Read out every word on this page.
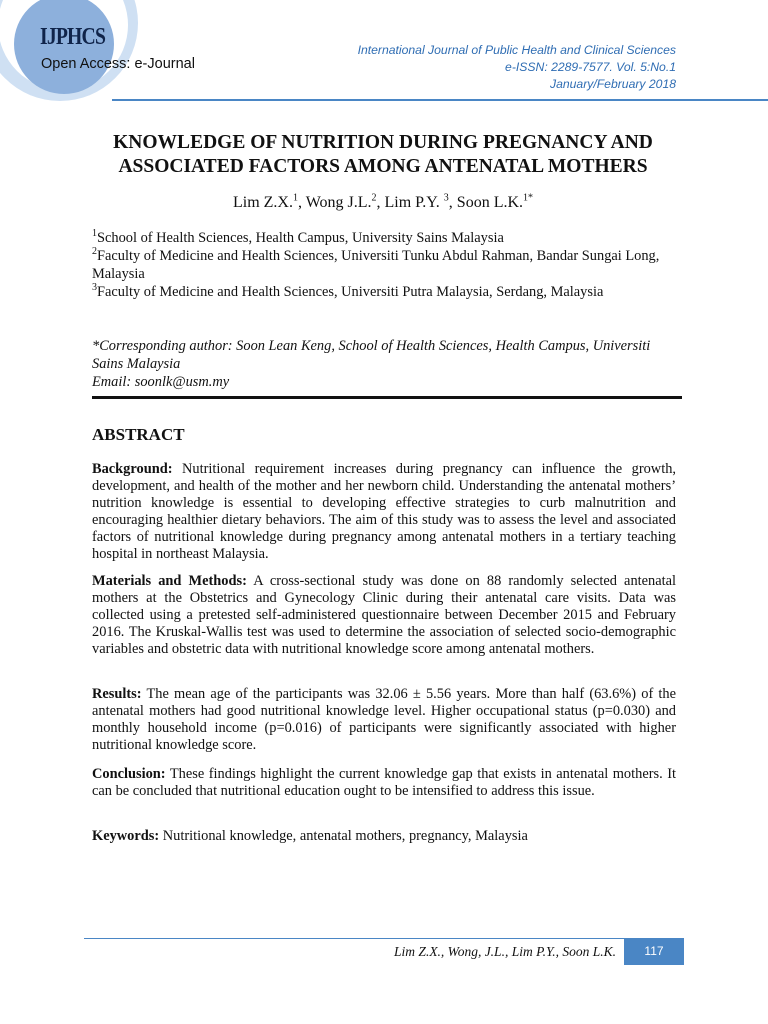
IJPHCS
Open Access: e-Journal
International Journal of Public Health and Clinical Sciences
e-ISSN: 2289-7577. Vol. 5:No.1
January/February 2018
KNOWLEDGE OF NUTRITION DURING PREGNANCY AND
ASSOCIATED FACTORS AMONG ANTENATAL MOTHERS
Lim Z.X.$^1$, Wong J.L.$^2$, Lim P.Y. $^3$, Soon L.K.$^{1*}$
$^1$School of Health Sciences, Health Campus, University Sains Malaysia
$^2$Faculty of Medicine and Health Sciences, Universiti Tunku Abdul Rahman, Bandar Sungai Long, Malaysia
$^3$Faculty of Medicine and Health Sciences, Universiti Putra Malaysia, Serdang, Malaysia
*Corresponding author: Soon Lean Keng, School of Health Sciences, Health Campus, Universiti Sains Malaysia
Email: soonlk@usm.my
ABSTRACT
Background: Nutritional requirement increases during pregnancy can influence the growth, development, and health of the mother and her newborn child. Understanding the antenatal mothers’ nutrition knowledge is essential to developing effective strategies to curb malnutrition and encouraging healthier dietary behaviors. The aim of this study was to assess the level and associated factors of nutritional knowledge during pregnancy among antenatal mothers in a tertiary teaching hospital in northeast Malaysia.
Materials and Methods: A cross-sectional study was done on 88 randomly selected antenatal mothers at the Obstetrics and Gynecology Clinic during their antenatal care visits. Data was collected using a pretested self-administered questionnaire between December 2015 and February 2016. The Kruskal-Wallis test was used to determine the association of selected socio-demographic variables and obstetric data with nutritional knowledge score among antenatal mothers.
Results: The mean age of the participants was 32.06 ± 5.56 years. More than half (63.6%) of the antenatal mothers had good nutritional knowledge level. Higher occupational status (p=0.030) and monthly household income (p=0.016) of participants were significantly associated with higher nutritional knowledge score.
Conclusion: These findings highlight the current knowledge gap that exists in antenatal mothers. It can be concluded that nutritional education ought to be intensified to address this issue.
Keywords: Nutritional knowledge, antenatal mothers, pregnancy, Malaysia
Lim Z.X., Wong, J.L., Lim P.Y., Soon L.K.	117
